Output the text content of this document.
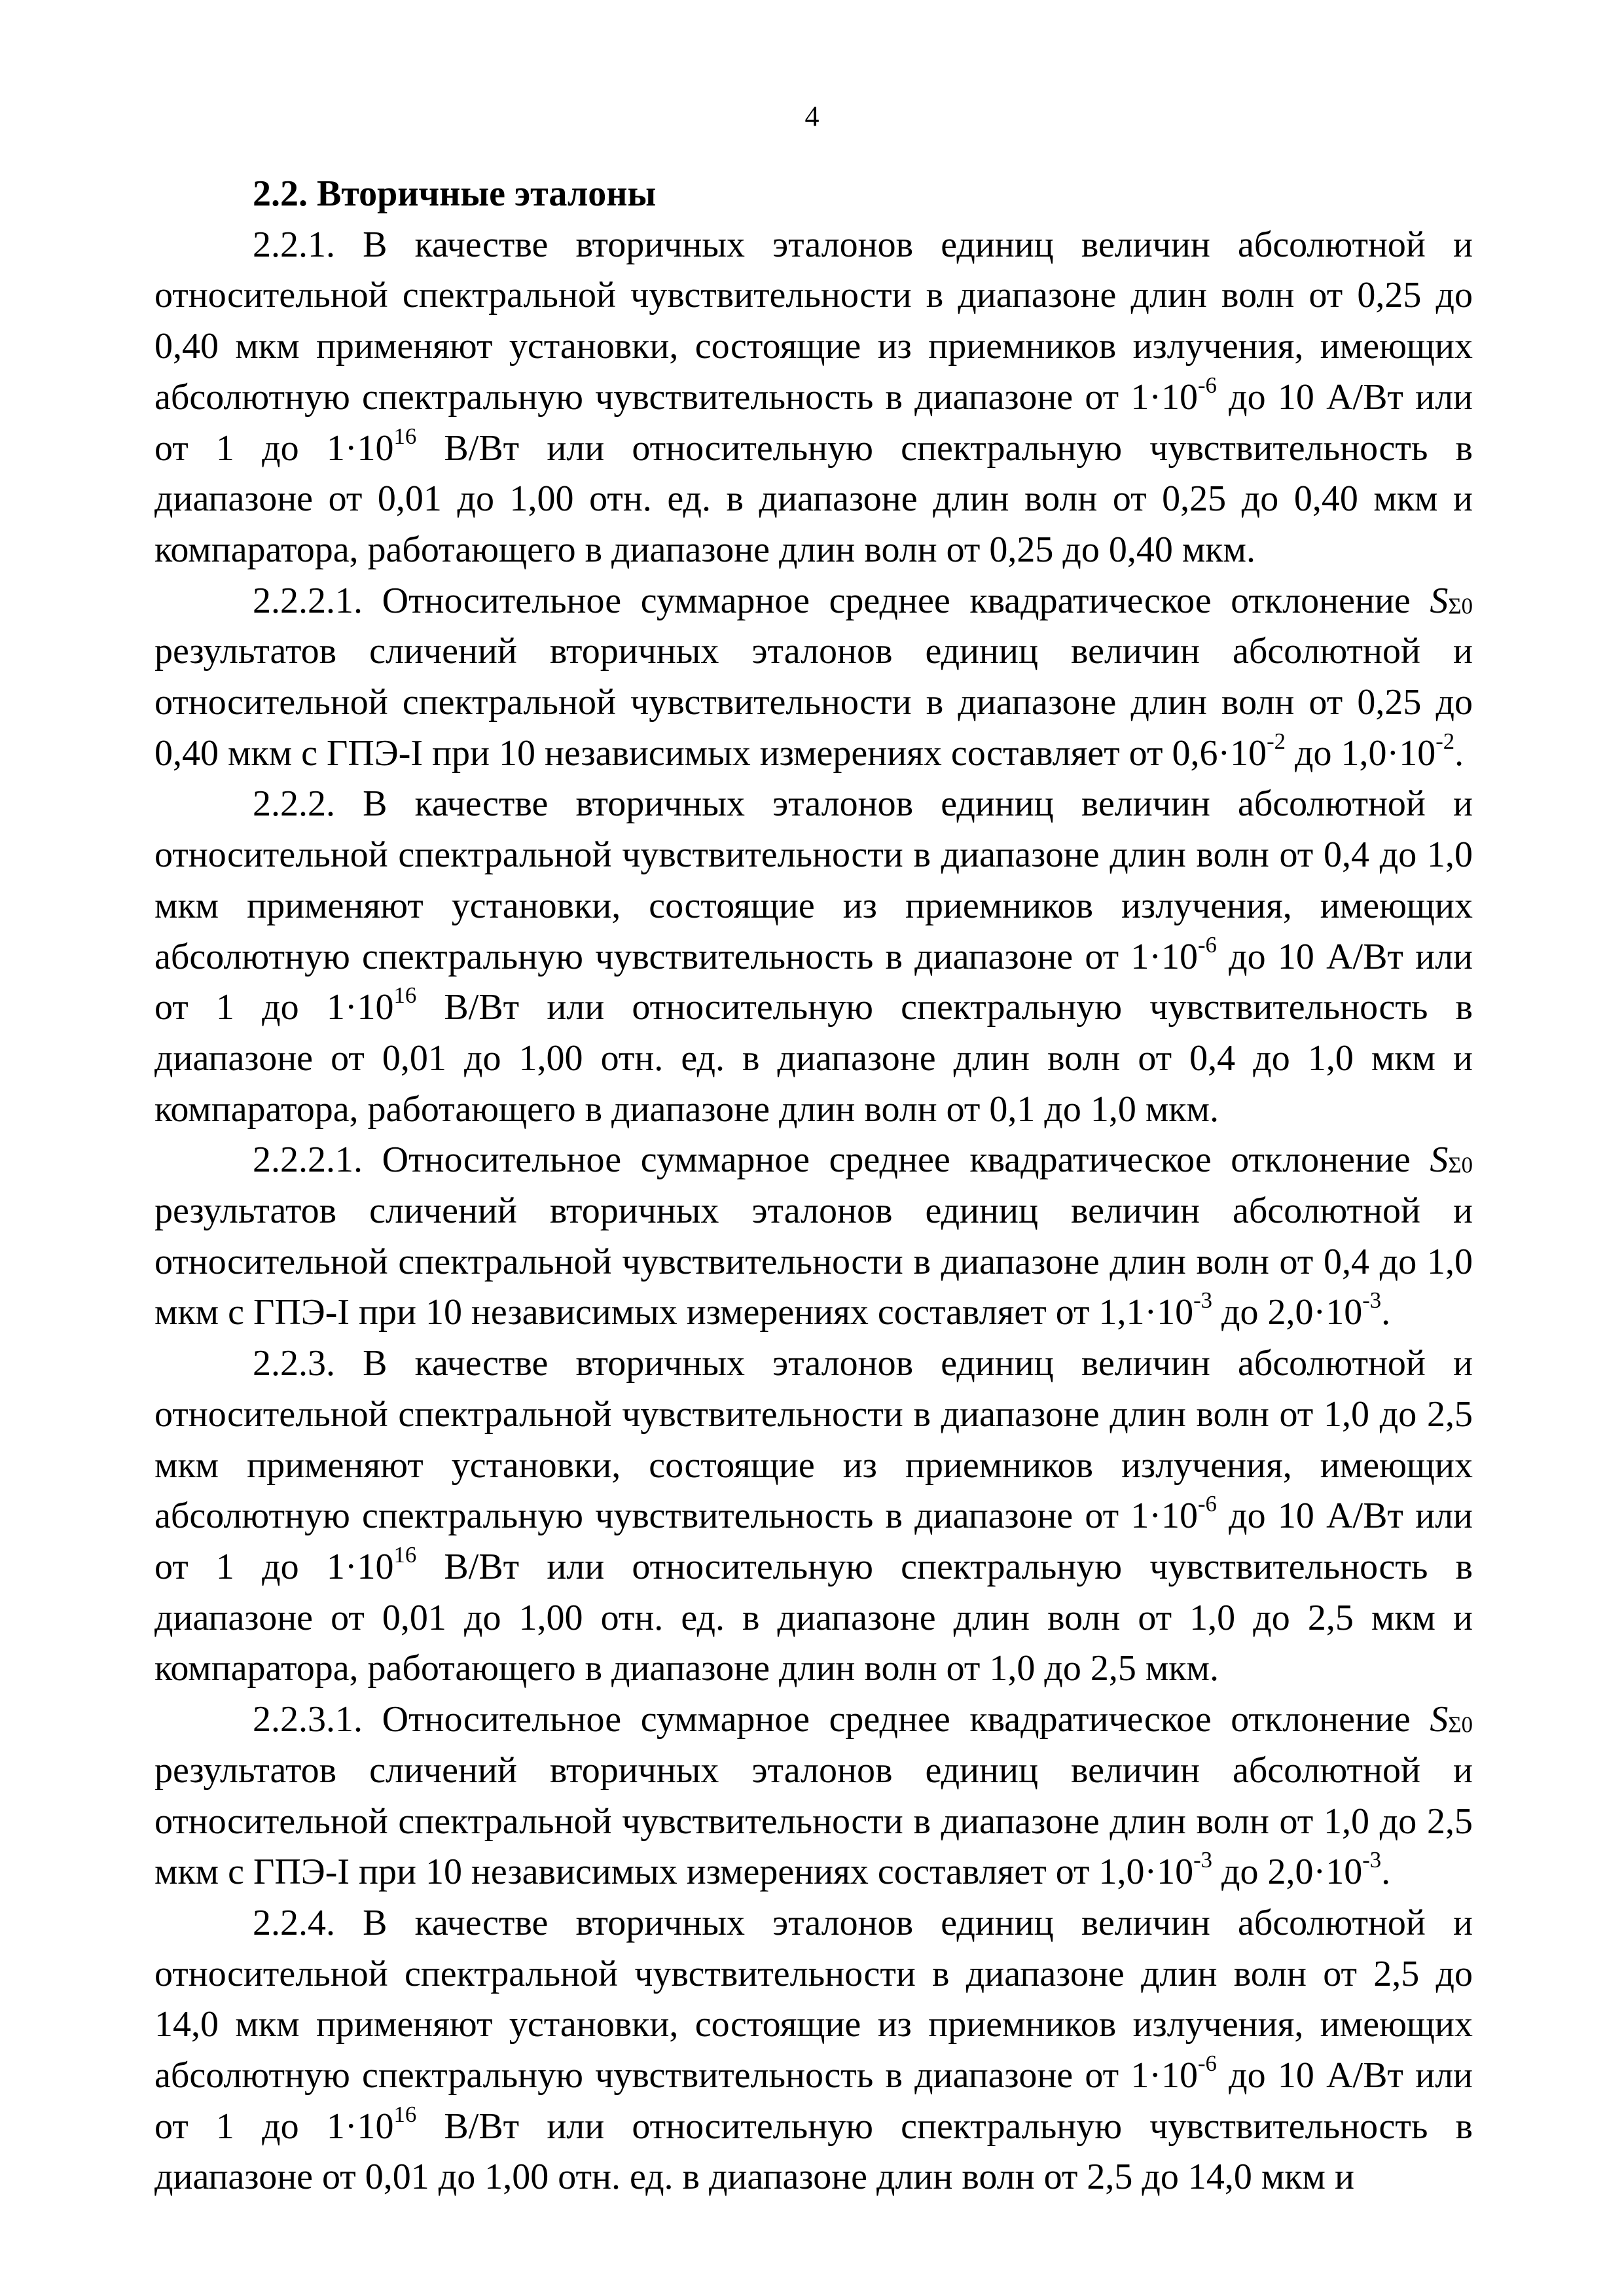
4

2.2. Вторичные эталоны

2.2.1. В качестве вторичных эталонов единиц величин абсолютной и относительной спектральной чувствительности в диапазоне длин волн от 0,25 до 0,40 мкм применяют установки, состоящие из приемников излучения, имеющих абсолютную спектральную чувствительность в диапазоне от $1\cdot 10^{-6}$ до 10 А/Вт или от 1 до $1\cdot 10^{16}$ В/Вт или относительную спектральную чувствительность в диапазоне от 0,01 до 1,00 отн. ед. в диапазоне длин волн от 0,25 до 0,40 мкм и компаратора, работающего в диапазоне длин волн от 0,25 до 0,40 мкм.

2.2.2.1. Относительное суммарное среднее квадратическое отклонение $S_{\Sigma 0}$ результатов сличений вторичных эталонов единиц величин абсолютной и относительной спектральной чувствительности в диапазоне длин волн от 0,25 до 0,40 мкм с ГПЭ-I при 10 независимых измерениях составляет от $0,6\cdot 10^{-2}$ до $1,0\cdot 10^{-2}$.

2.2.2. В качестве вторичных эталонов единиц величин абсолютной и относительной спектральной чувствительности в диапазоне длин волн от 0,4 до 1,0 мкм применяют установки, состоящие из приемников излучения, имеющих абсолютную спектральную чувствительность в диапазоне от $1\cdot 10^{-6}$ до 10 А/Вт или от 1 до $1\cdot 10^{16}$ В/Вт или относительную спектральную чувствительность в диапазоне от 0,01 до 1,00 отн. ед. в диапазоне длин волн от 0,4 до 1,0 мкм и компаратора, работающего в диапазоне длин волн от 0,1 до 1,0 мкм.

2.2.2.1. Относительное суммарное среднее квадратическое отклонение $S_{\Sigma 0}$ результатов сличений вторичных эталонов единиц величин абсолютной и относительной спектральной чувствительности в диапазоне длин волн от 0,4 до 1,0 мкм с ГПЭ-I при 10 независимых измерениях составляет от $1,1\cdot 10^{-3}$ до $2,0\cdot 10^{-3}$.

2.2.3. В качестве вторичных эталонов единиц величин абсолютной и относительной спектральной чувствительности в диапазоне длин волн от 1,0 до 2,5 мкм применяют установки, состоящие из приемников излучения, имеющих абсолютную спектральную чувствительность в диапазоне от $1\cdot 10^{-6}$ до 10 А/Вт или от 1 до $1\cdot 10^{16}$ В/Вт или относительную спектральную чувствительность в диапазоне от 0,01 до 1,00 отн. ед. в диапазоне длин волн от 1,0 до 2,5 мкм и компаратора, работающего в диапазоне длин волн от 1,0 до 2,5 мкм.

2.2.3.1. Относительное суммарное среднее квадратическое отклонение $S_{\Sigma 0}$ результатов сличений вторичных эталонов единиц величин абсолютной и относительной спектральной чувствительности в диапазоне длин волн от 1,0 до 2,5 мкм с ГПЭ-I при 10 независимых измерениях составляет от $1,0\cdot 10^{-3}$ до $2,0\cdot 10^{-3}$.

2.2.4. В качестве вторичных эталонов единиц величин абсолютной и относительной спектральной чувствительности в диапазоне длин волн от 2,5 до 14,0 мкм применяют установки, состоящие из приемников излучения, имеющих абсолютную спектральную чувствительность в диапазоне от $1\cdot 10^{-6}$ до 10 А/Вт или от 1 до $1\cdot 10^{16}$ В/Вт или относительную спектральную чувствительность в диапазоне от 0,01 до 1,00 отн. ед. в диапазоне длин волн от 2,5 до 14,0 мкм и
